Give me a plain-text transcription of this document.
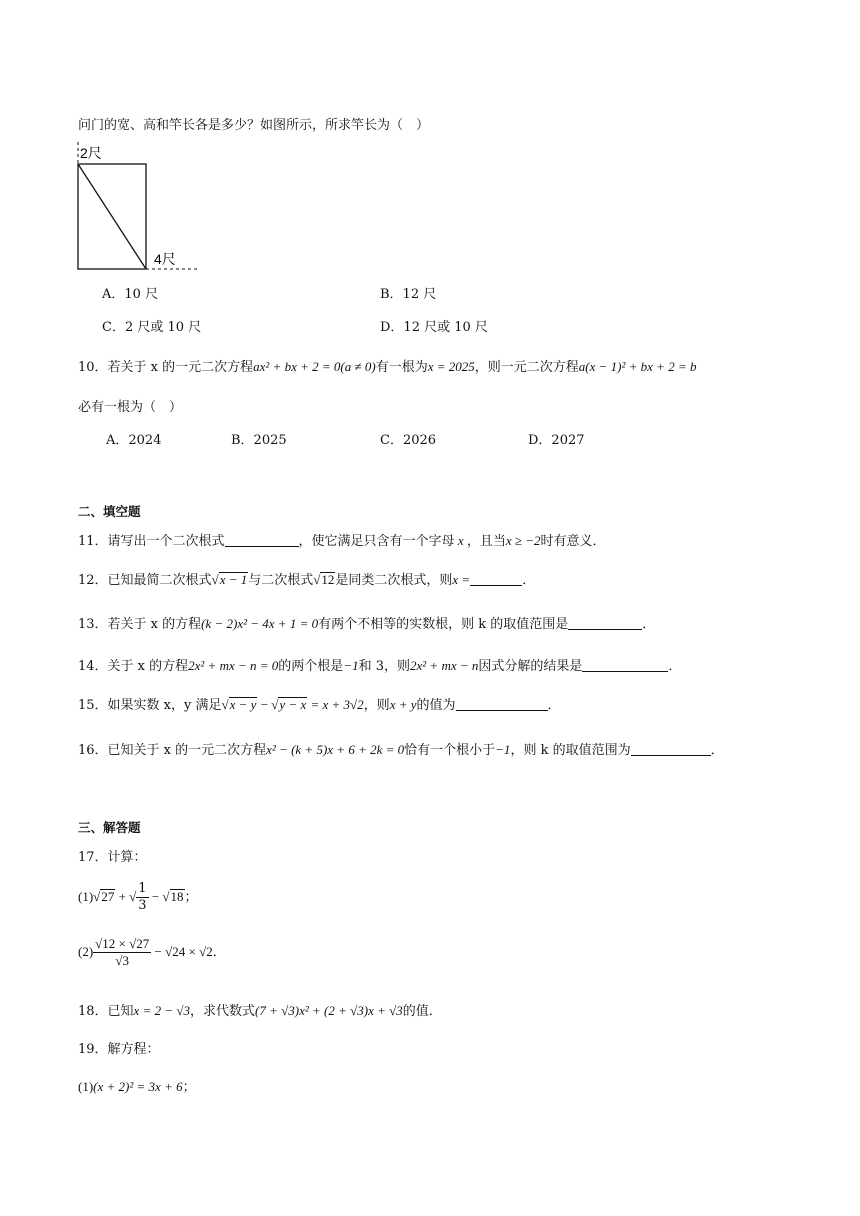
问门的宽、高和竿长各是多少？如图所示，所求竿长为（　）
2尺
4尺
A．10 尺	B．12 尺
C．2 尺或 10 尺	D．12 尺或 10 尺
10．若关于 x 的一元二次方程ax² + bx + 2 = 0(a ≠ 0)有一根为x = 2025，则一元二次方程a(x − 1)² + bx + 2 = b
必有一根为（　）
A．2024	B．2025	C．2026	D．2027
二、填空题
11．请写出一个二次根式	，使它满足只含有一个字母 x ，且当x ≥ −2时有意义．
12．已知最简二次根式√x − 1与二次根式√12是同类二次根式，则x =	．
13．若关于 x 的方程(k − 2)x² − 4x + 1 = 0有两个不相等的实数根，则 k 的取值范围是	．
14．关于 x 的方程2x² + mx − n = 0的两个根是−1和 3，则2x² + mx − n因式分解的结果是	．
15．如果实数 x，y 满足√x − y − √y − x = x + 3√2，则x + y的值为	．
16．已知关于 x 的一元二次方程x² − (k + 5)x + 6 + 2k = 0恰有一个根小于−1，则 k 的取值范围为	．
三、解答题
17．计算：
(1)√27 + √ $\frac{1}{3} - √18$；
$(2) \frac{√12 \times √27}{√3} - √24 \times √2$．
18．已知x = 2 − √3，求代数式(7 + √3)x² + (2 + √3)x + √3的值．
19．解方程：
(1)(x + 2)² = 3x + 6；
